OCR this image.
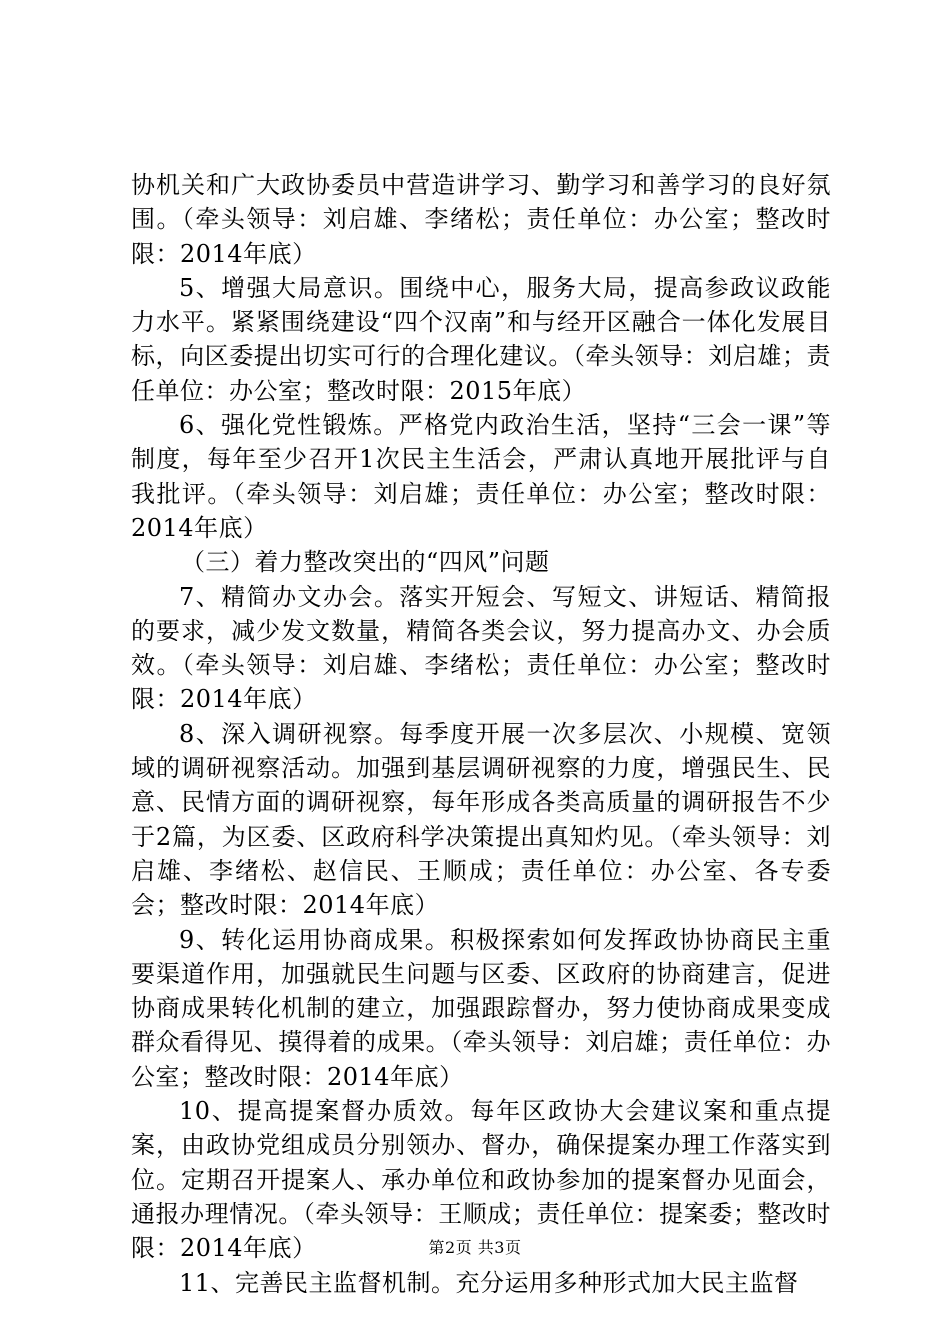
协机关和广大政协委员中营造讲学习、勤学习和善学习的良好氛围。（牵头领导：刘启雄、李绪松；责任单位：办公室；整改时限：2014年底）

5、增强大局意识。围绕中心，服务大局，提高参政议政能力水平。紧紧围绕建设“四个汉南”和与经开区融合一体化发展目标，向区委提出切实可行的合理化建议。（牵头领导：刘启雄；责任单位：办公室；整改时限：2015年底）

6、强化党性锻炼。严格党内政治生活，坚持“三会一课”等制度，每年至少召开1次民主生活会，严肃认真地开展批评与自我批评。（牵头领导：刘启雄；责任单位：办公室；整改时限：2014年底）

（三）着力整改突出的“四风”问题

7、精简办文办会。落实开短会、写短文、讲短话、精简报的要求，减少发文数量，精简各类会议，努力提高办文、办会质效。（牵头领导：刘启雄、李绪松；责任单位：办公室；整改时限：2014年底）

8、深入调研视察。每季度开展一次多层次、小规模、宽领域的调研视察活动。加强到基层调研视察的力度，增强民生、民意、民情方面的调研视察，每年形成各类高质量的调研报告不少于2篇，为区委、区政府科学决策提出真知灼见。（牵头领导：刘启雄、李绪松、赵信民、王顺成；责任单位：办公室、各专委会；整改时限：2014年底）

9、转化运用协商成果。积极探索如何发挥政协协商民主重要渠道作用，加强就民生问题与区委、区政府的协商建言，促进协商成果转化机制的建立，加强跟踪督办，努力使协商成果变成群众看得见、摸得着的成果。（牵头领导：刘启雄；责任单位：办公室；整改时限：2014年底）

10、提高提案督办质效。每年区政协大会建议案和重点提案，由政协党组成员分别领办、督办，确保提案办理工作落实到位。定期召开提案人、承办单位和政协参加的提案督办见面会，通报办理情况。（牵头领导：王顺成；责任单位：提案委；整改时限：2014年底）

11、完善民主监督机制。充分运用多种形式加大民主监督

第2页 共3页
